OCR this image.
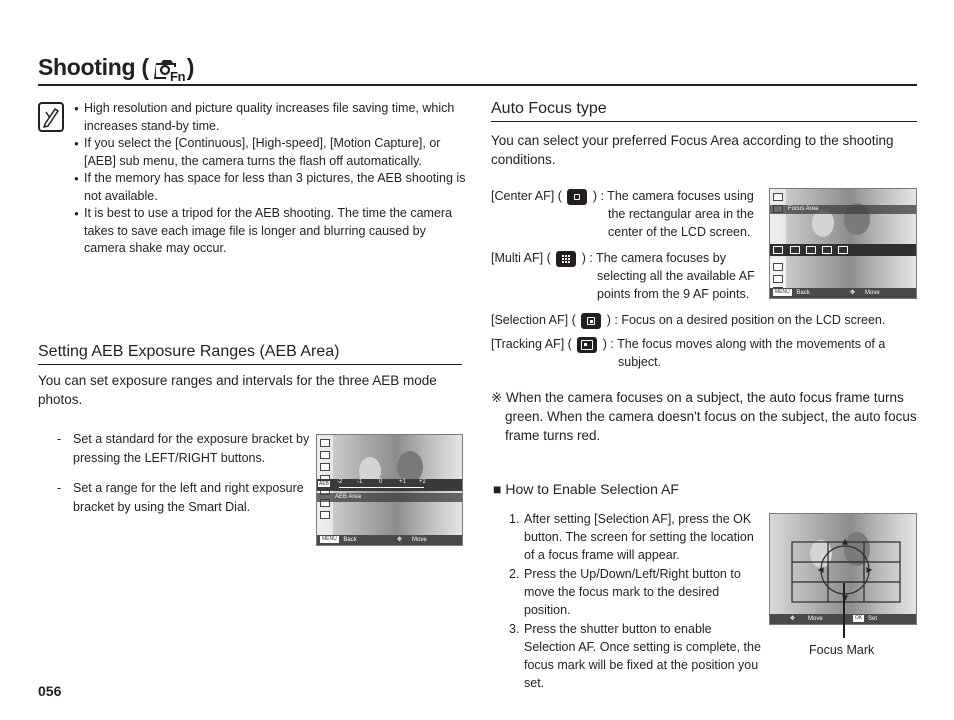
Shooting ( Fn )
● High resolution and picture quality increases file saving time, which increases stand-by time.
● If you select the [Continuous], [High-speed], [Motion Capture], or [AEB] sub menu, the camera turns the flash off automatically.
● If the memory has space for less than 3 pictures, the AEB shooting is not available.
● It is best to use a tripod for the AEB shooting. The time the camera takes to save each image file is longer and blurring caused by camera shake may occur.
Setting AEB Exposure Ranges (AEB Area)
You can set exposure ranges and intervals for the three AEB mode photos.
- Set a standard for the exposure bracket by pressing the LEFT/RIGHT buttons.
- Set a range for the left and right exposure bracket by using the Smart Dial.
AEB -2 -1	0	+1 +2
AEB Area
MENU Back	✥ Move
Auto Focus type
You can select your preferred Focus Area according to the shooting conditions.
[Center AF] ( ) : The camera focuses using
the rectangular area in the
center of the LCD screen.
[Multi AF] ( ) : The camera focuses by
selecting all the available AF
points from the 9 AF points.
Focus Area
MENU Back	✥ Move
[Selection AF] ( ) : Focus on a desired position on the LCD screen.
[Tracking AF] ( ) : The focus moves along with the movements of a
subject.
※ When the camera focuses on a subject, the auto focus frame turns green. When the camera doesn't focus on the subject, the auto focus frame turns red.
■ How to Enable Selection AF
1. After setting [Selection AF], press the OK button. The screen for setting the location of a focus frame will appear.
2. Press the Up/Down/Left/Right button to move the focus mark to the desired position.
3. Press the shutter button to enable Selection AF. Once setting is complete, the focus mark will be fixed at the position you set.
✥ Move	OK Set
Focus Mark
056
